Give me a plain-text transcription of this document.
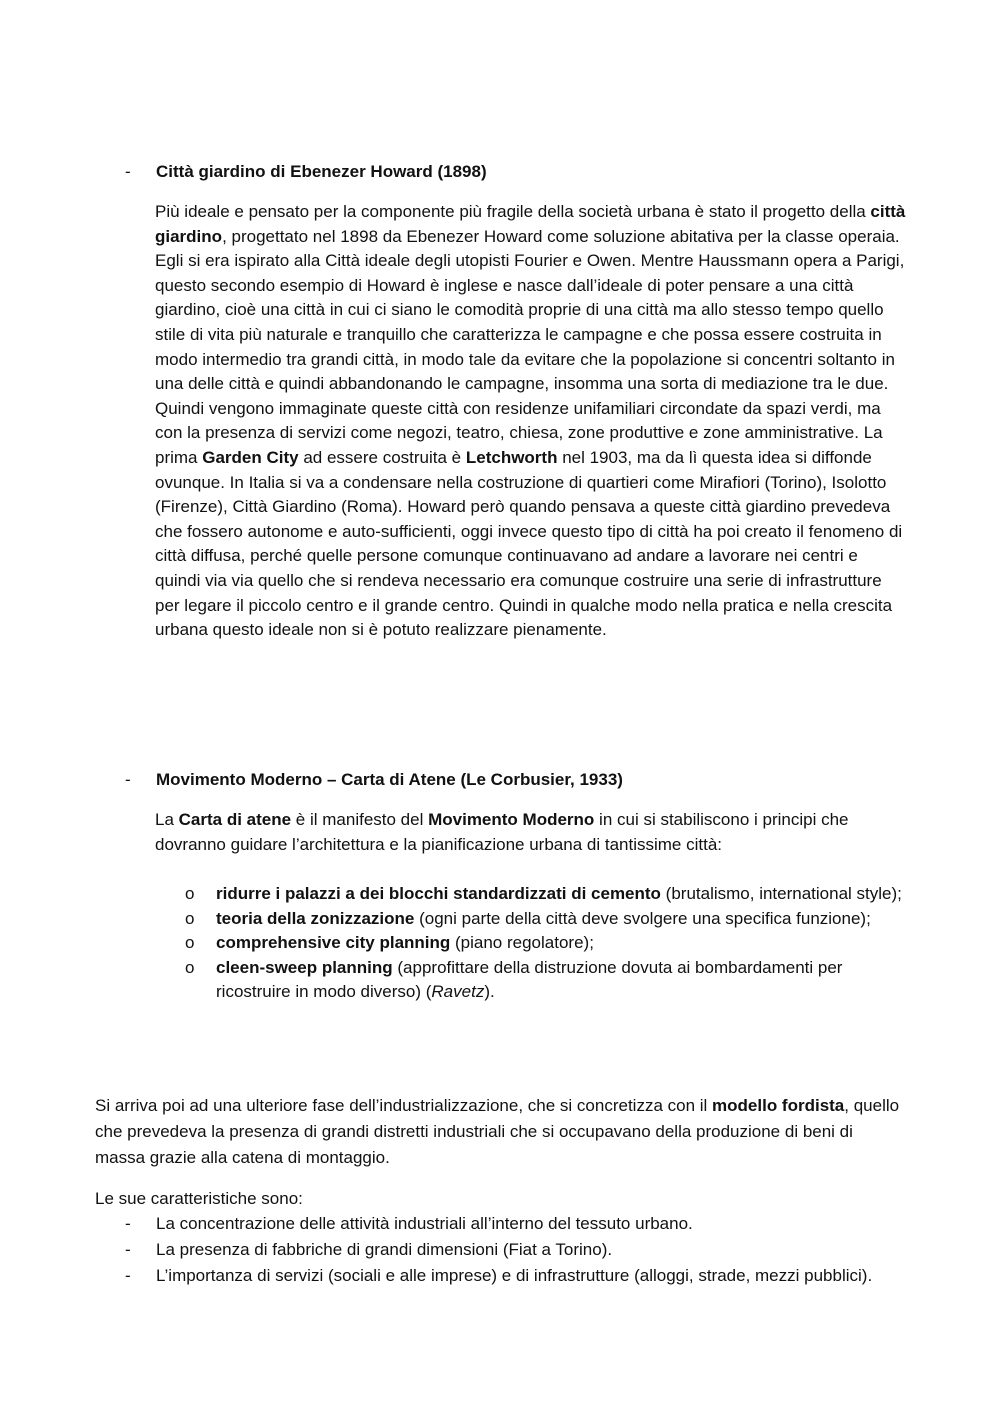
-	Città giardino di Ebenezer Howard (1898)

Più ideale e pensato per la componente più fragile della società urbana è stato il progetto della città giardino, progettato nel 1898 da Ebenezer Howard come soluzione abitativa per la classe operaia. Egli si era ispirato alla Città ideale degli utopisti Fourier e Owen. Mentre Haussmann opera a Parigi, questo secondo esempio di Howard è inglese e nasce dall’ideale di poter pensare a una città giardino, cioè una città in cui ci siano le comodità proprie di una città ma allo stesso tempo quello stile di vita più naturale e tranquillo che caratterizza le campagne e che possa essere costruita in modo intermedio tra grandi città, in modo tale da evitare che la popolazione si concentri soltanto in una delle città e quindi abbandonando le campagne, insomma una sorta di mediazione tra le due. Quindi vengono immaginate queste città con residenze unifamiliari circondate da spazi verdi, ma con la presenza di servizi come negozi, teatro, chiesa, zone produttive e zone amministrative. La prima Garden City ad essere costruita è Letchworth nel 1903, ma da lì questa idea si diffonde ovunque. In Italia si va a condensare nella costruzione di quartieri come Mirafiori (Torino), Isolotto (Firenze), Città Giardino (Roma). Howard però quando pensava a queste città giardino prevedeva che fossero autonome e auto-sufficienti, oggi invece questo tipo di città ha poi creato il fenomeno di città diffusa, perché quelle persone comunque continuavano ad andare a lavorare nei centri e quindi via via quello che si rendeva necessario era comunque costruire una serie di infrastrutture per legare il piccolo centro e il grande centro. Quindi in qualche modo nella pratica e nella crescita urbana questo ideale non si è potuto realizzare pienamente.

-	Movimento Moderno – Carta di Atene (Le Corbusier, 1933)

La Carta di atene è il manifesto del Movimento Moderno in cui si stabiliscono i principi che dovranno guidare l’architettura e la pianificazione urbana di tantissime città:

o ridurre i palazzi a dei blocchi standardizzati di cemento (brutalismo, international style);
o teoria della zonizzazione (ogni parte della città deve svolgere una specifica funzione);
o comprehensive city planning (piano regolatore);
o cleen-sweep planning (approfittare della distruzione dovuta ai bombardamenti per ricostruire in modo diverso) (Ravetz).

Si arriva poi ad una ulteriore fase dell’industrializzazione, che si concretizza con il modello fordista, quello che prevedeva la presenza di grandi distretti industriali che si occupavano della produzione di beni di massa grazie alla catena di montaggio.

Le sue caratteristiche sono:

- La concentrazione delle attività industriali all’interno del tessuto urbano.
- La presenza di fabbriche di grandi dimensioni (Fiat a Torino).
- L’importanza di servizi (sociali e alle imprese) e di infrastrutture (alloggi, strade, mezzi pubblici).
